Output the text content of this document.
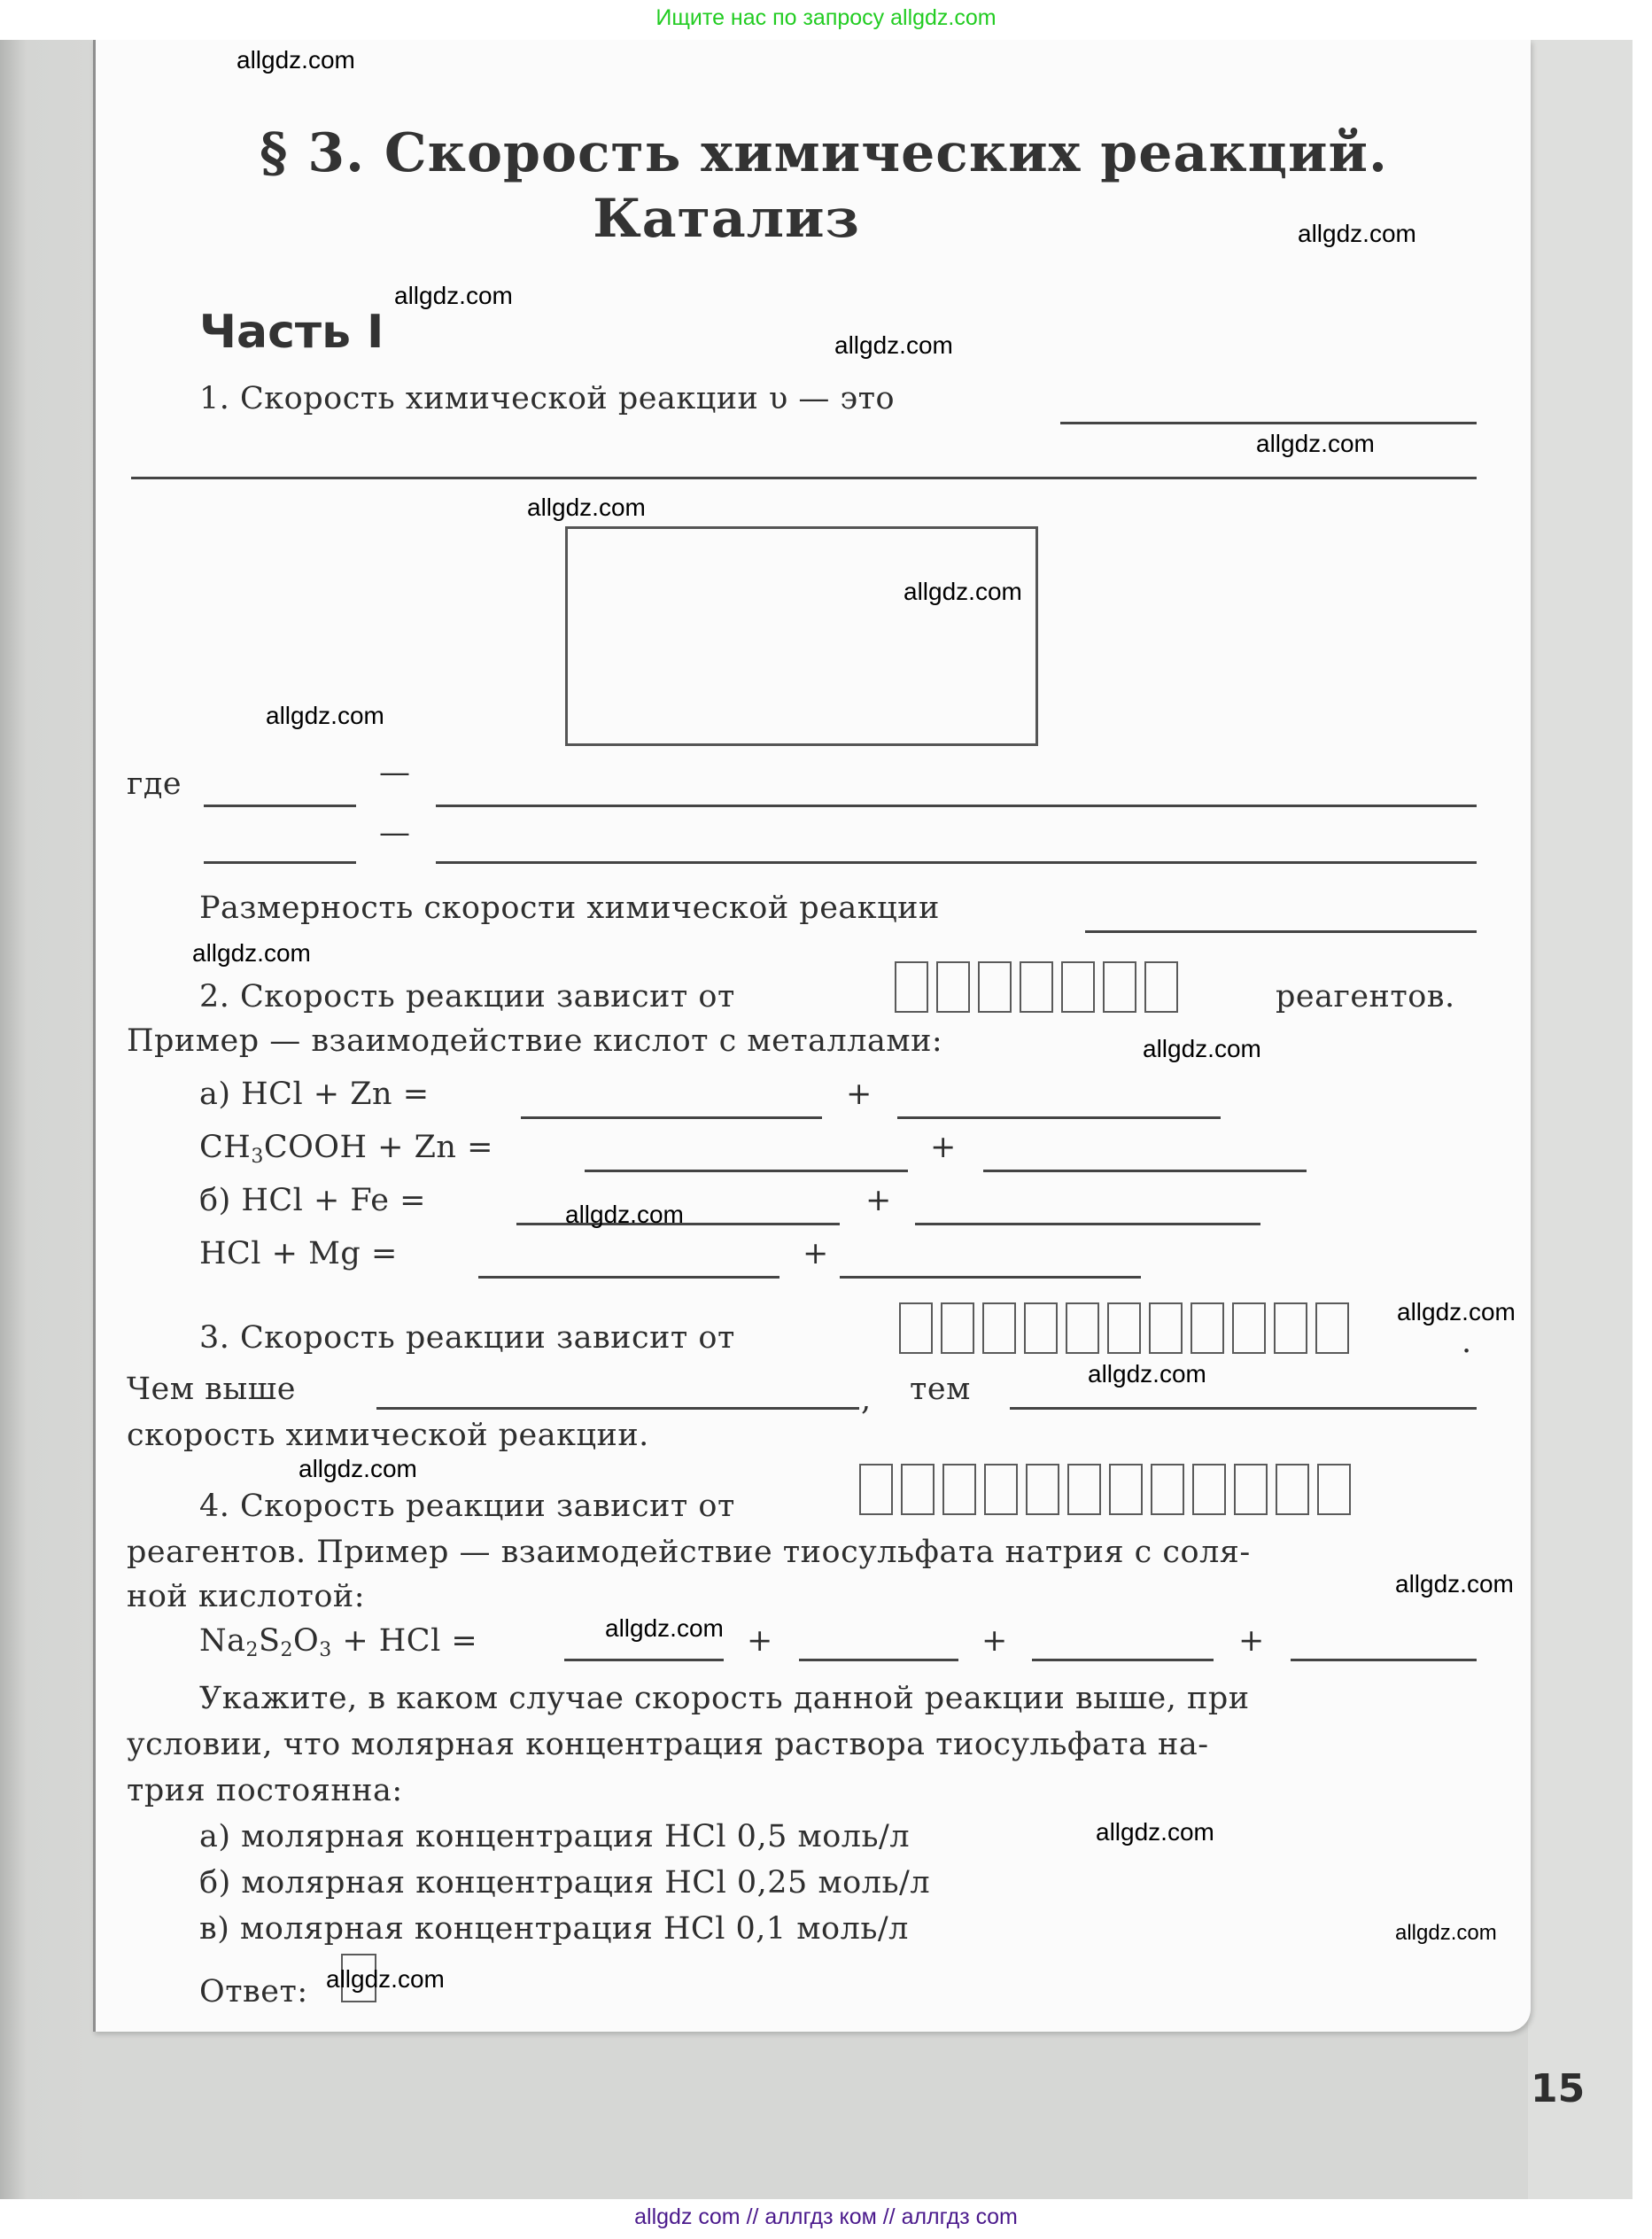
Ищите нас по запросу allgdz.com
allgdz com // аллгдз ком // аллгдз com
§ 3. Скорость химических реакций.
Катализ
Часть I
1. Скорость химической реакции υ — это
где	—
—
Размерность скорости химической реакции
2. Скорость реакции зависит от	реагентов.
Пример — взаимодействие кислот с металлами:
а) HCl + Zn =	+
$CH_3COOH + Zn$ =	+
б) HCl + Fe =	+
HCl + Mg =	+
3. Скорость реакции зависит от	.
Чем выше	, тем
скорость химической реакции.
4. Скорость реакции зависит от
реагентов. Пример — взаимодействие тиосульфата натрия с соля-
ной кислотой:
$Na_2S_2O_3$ + HCl =	+	+	+
Укажите, в каком случае скорость данной реакции выше, при
условии, что молярная концентрация раствора тиосульфата на-
трия постоянна:
а) молярная концентрация HCl 0,5 моль/л
б) молярная концентрация HCl 0,25 моль/л
в) молярная концентрация HCl 0,1 моль/л
Ответ:
15
allgdz.com
allgdz.com
allgdz.com
allgdz.com
allgdz.com
allgdz.com
allgdz.com
allgdz.com
allgdz.com
allgdz.com
allgdz.com
allgdz.com
allgdz.com
allgdz.com
allgdz.com
allgdz.com
allgdz.com
allgdz.com
allgdz.com
